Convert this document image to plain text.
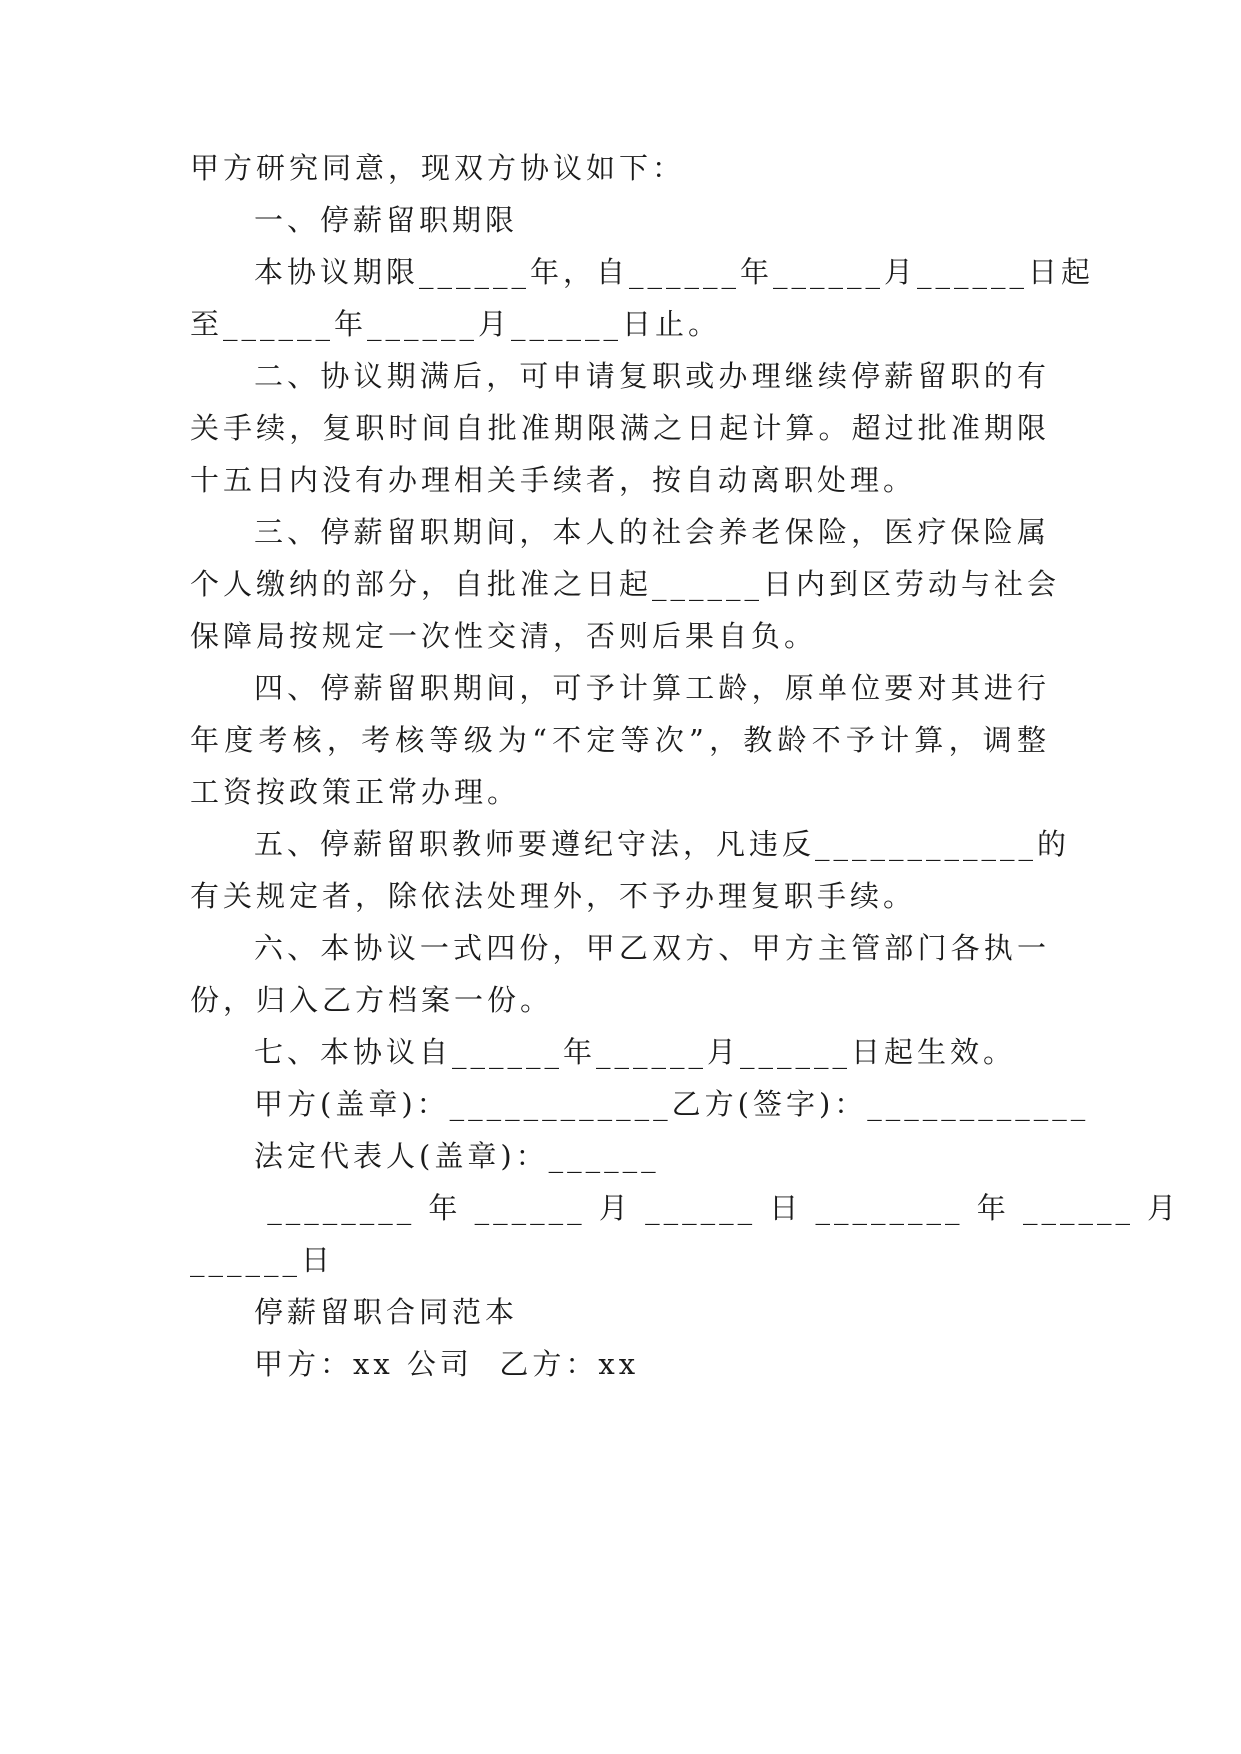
甲方研究同意，现双方协议如下：
一、停薪留职期限
本协议期限______年，自______年______月______日起
至______年______月______日止。
二、协议期满后，可申请复职或办理继续停薪留职的有
关手续，复职时间自批准期限满之日起计算。超过批准期限
十五日内没有办理相关手续者，按自动离职处理。
三、停薪留职期间，本人的社会养老保险，医疗保险属
个人缴纳的部分，自批准之日起______日内到区劳动与社会
保障局按规定一次性交清，否则后果自负。
四、停薪留职期间，可予计算工龄，原单位要对其进行
年度考核，考核等级为“不定等次”，教龄不予计算，调整
工资按政策正常办理。
五、停薪留职教师要遵纪守法，凡违反____________的
有关规定者，除依法处理外，不予办理复职手续。
六、本协议一式四份，甲乙双方、甲方主管部门各执一
份，归入乙方档案一份。
七、本协议自______年______月______日起生效。
甲方(盖章)：____________乙方(签字)：____________
法定代表人(盖章)：______
________ 年 ______ 月 ______ 日 ________ 年 ______ 月
______日
停薪留职合同范本
甲方：xx 公司  乙方：xx
